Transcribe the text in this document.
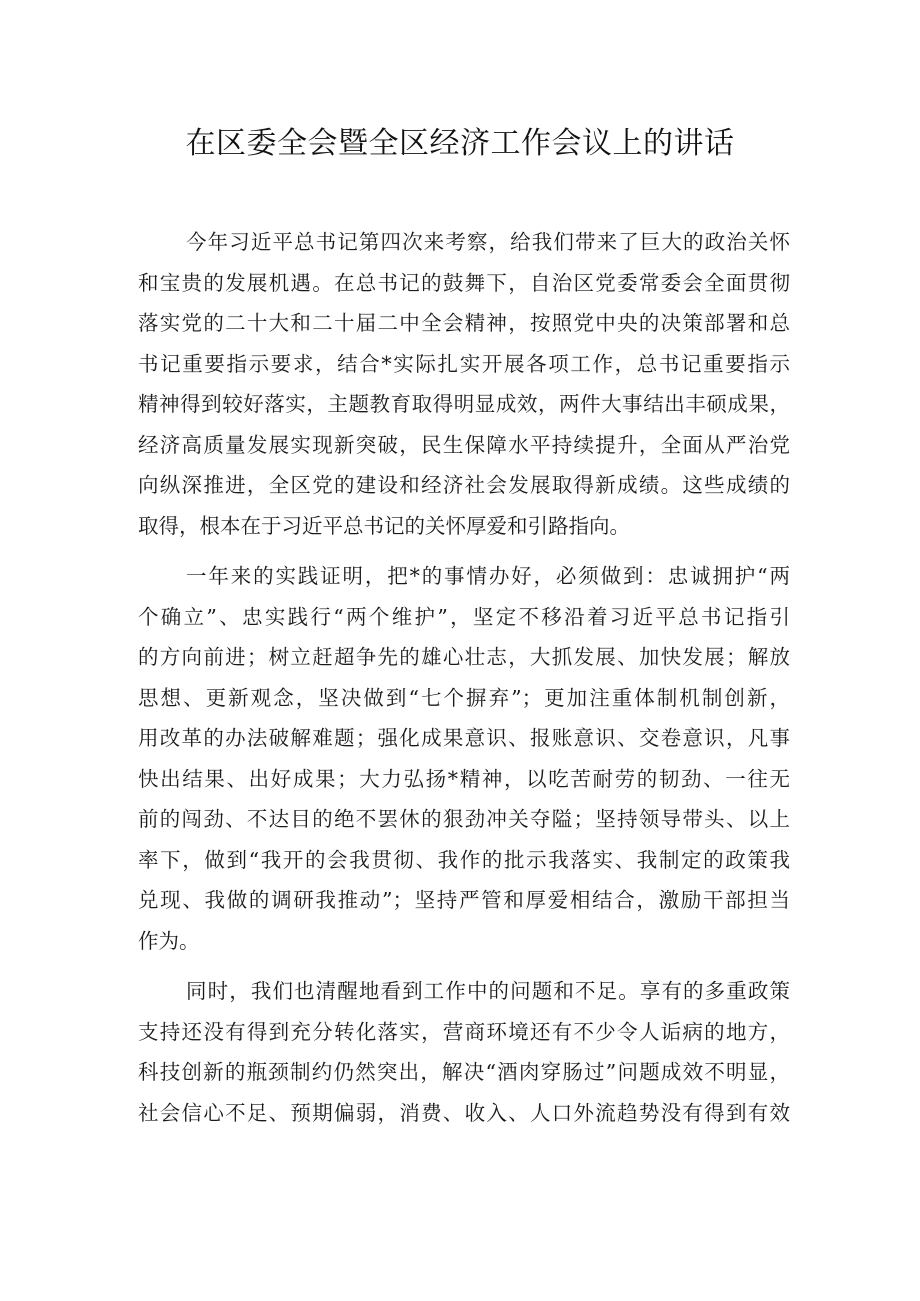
在区委全会暨全区经济工作会议上的讲话
今年习近平总书记第四次来考察，给我们带来了巨大的政治关怀
和宝贵的发展机遇。在总书记的鼓舞下，自治区党委常委会全面贯彻
落实党的二十大和二十届二中全会精神，按照党中央的决策部署和总
书记重要指示要求，结合*实际扎实开展各项工作，总书记重要指示
精神得到较好落实，主题教育取得明显成效，两件大事结出丰硕成果，
经济高质量发展实现新突破，民生保障水平持续提升，全面从严治党
向纵深推进，全区党的建设和经济社会发展取得新成绩。这些成绩的
取得，根本在于习近平总书记的关怀厚爱和引路指向。
一年来的实践证明，把*的事情办好，必须做到：忠诚拥护“两
个确立”、忠实践行“两个维护”，坚定不移沿着习近平总书记指引
的方向前进；树立赶超争先的雄心壮志，大抓发展、加快发展；解放
思想、更新观念，坚决做到“七个摒弃”；更加注重体制机制创新，
用改革的办法破解难题；强化成果意识、报账意识、交卷意识，凡事
快出结果、出好成果；大力弘扬*精神，以吃苦耐劳的韧劲、一往无
前的闯劲、不达目的绝不罢休的狠劲冲关夺隘；坚持领导带头、以上
率下，做到“我开的会我贯彻、我作的批示我落实、我制定的政策我
兑现、我做的调研我推动”；坚持严管和厚爱相结合，激励干部担当
作为。
同时，我们也清醒地看到工作中的问题和不足。享有的多重政策
支持还没有得到充分转化落实，营商环境还有不少令人诟病的地方，
科技创新的瓶颈制约仍然突出，解决“酒肉穿肠过”问题成效不明显，
社会信心不足、预期偏弱，消费、收入、人口外流趋势没有得到有效
